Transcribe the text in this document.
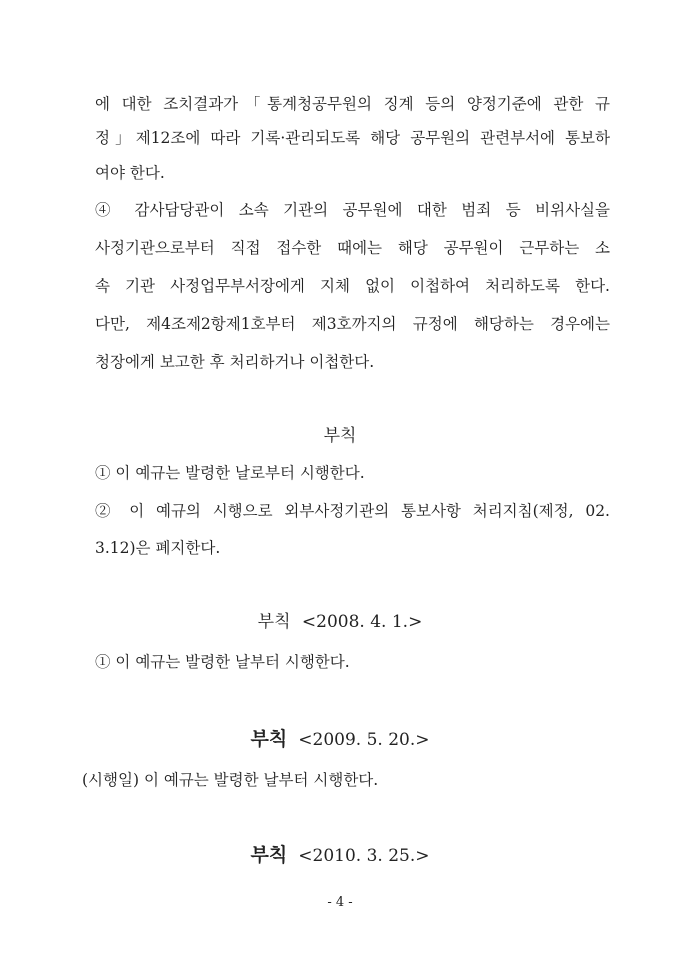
에 대한 조치결과가「통계청공무원의 징계 등의 양정기준에 관한 규
정」제12조에 따라 기록·관리되도록 해당 공무원의 관련부서에 통보하
여야 한다.
④ 감사담당관이 소속 기관의 공무원에 대한 범죄 등 비위사실을
사정기관으로부터 직접 접수한 때에는 해당 공무원이 근무하는 소
속 기관 사정업무부서장에게 지체 없이 이첩하여 처리하도록 한다.
다만, 제4조제2항제1호부터 제3호까지의 규정에 해당하는 경우에는
청장에게 보고한 후 처리하거나 이첩한다.
부칙
① 이 예규는 발령한 날로부터 시행한다.
② 이 예규의 시행으로 외부사정기관의 통보사항 처리지침(제정, 02.
3.12)은 폐지한다.
부칙 <2008. 4. 1.>
① 이 예규는 발령한 날부터 시행한다.
부칙 <2009. 5. 20.>
(시행일) 이 예규는 발령한 날부터 시행한다.
부칙 <2010. 3. 25.>
- 4 -
